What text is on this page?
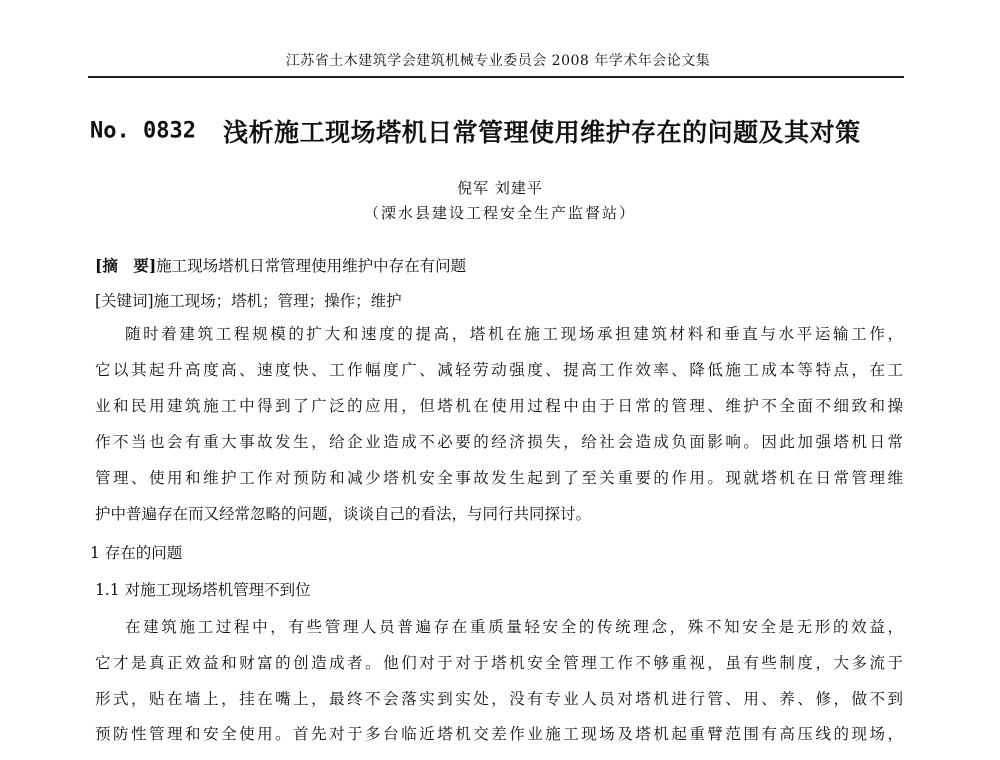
江苏省土木建筑学会建筑机械专业委员会 2008 年学术年会论文集
No. 0832 浅析施工现场塔机日常管理使用维护存在的问题及其对策
倪军 刘建平
（溧水县建设工程安全生产监督站）
[摘　要]施工现场塔机日常管理使用维护中存在有问题
[关键词]施工现场；塔机；管理；操作；维护
随时着建筑工程规模的扩大和速度的提高，塔机在施工现场承担建筑材料和垂直与水平运输工作，
它以其起升高度高、速度快、工作幅度广、减轻劳动强度、提高工作效率、降低施工成本等特点，在工
业和民用建筑施工中得到了广泛的应用，但塔机在使用过程中由于日常的管理、维护不全面不细致和操
作不当也会有重大事故发生，给企业造成不必要的经济损失，给社会造成负面影响。因此加强塔机日常
管理、使用和维护工作对预防和减少塔机安全事故发生起到了至关重要的作用。现就塔机在日常管理维
护中普遍存在而又经常忽略的问题，谈谈自己的看法，与同行共同探讨。
1 存在的问题
1.1 对施工现场塔机管理不到位
在建筑施工过程中，有些管理人员普遍存在重质量轻安全的传统理念，殊不知安全是无形的效益，
它才是真正效益和财富的创造成者。他们对于对于塔机安全管理工作不够重视，虽有些制度，大多流于
形式，贴在墙上，挂在嘴上，最终不会落实到实处，没有专业人员对塔机进行管、用、养、修，做不到
预防性管理和安全使用。首先对于多台临近塔机交差作业施工现场及塔机起重臂范围有高压线的现场，
